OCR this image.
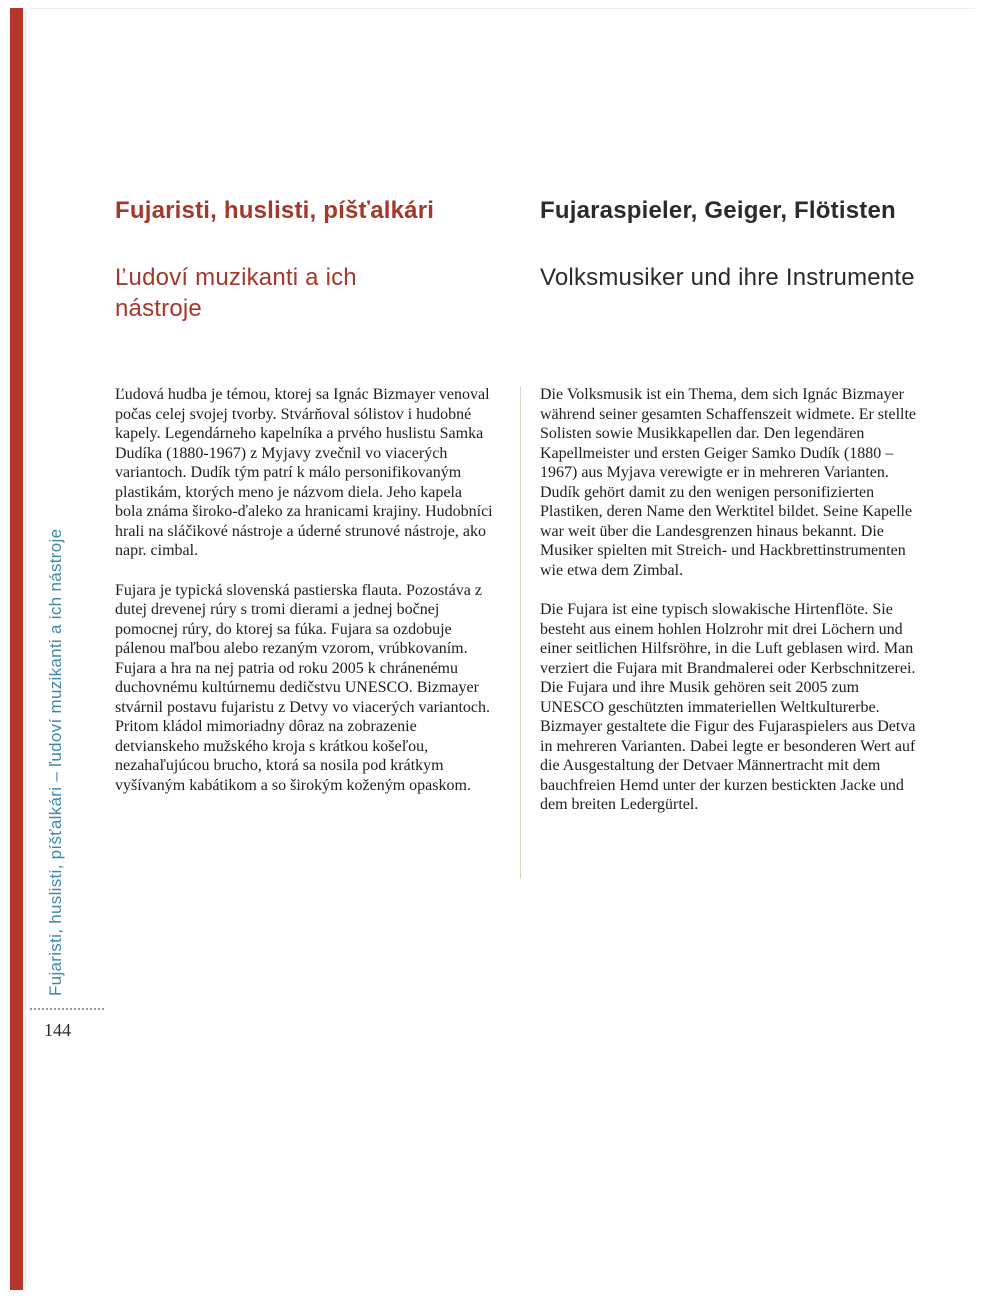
Fujaristi, huslisti, píšťalkári – ľudoví muzikanti a ich nástroje
144
Fujaristi, huslisti, píšťalkári
Ľudoví muzikanti a ich nástroje

Ľudová hudba je témou, ktorej sa Ignác Bizmayer venoval počas celej svojej tvorby. Stvárňoval sólistov i hudobné kapely. Legendárneho kapelníka a prvého huslistu Samka Dudíka (1880-1967) z Myjavy zvečnil vo viacerých variantoch. Dudík tým patrí k málo personifikovaným plastikám, ktorých meno je názvom diela. Jeho kapela bola známa široko-ďaleko za hranicami krajiny. Hudobníci hrali na sláčikové nástroje a úderné strunové nástroje, ako napr. cimbal.

Fujara je typická slovenská pastierska flauta. Pozostáva z dutej drevenej rúry s tromi dierami a jednej bočnej pomocnej rúry, do ktorej sa fúka. Fujara sa ozdobuje pálenou maľbou alebo rezaným vzorom, vrúbkovaním. Fujara a hra na nej patria od roku 2005 k chránenému duchovnému kultúrnemu dedičstvu UNESCO. Bizmayer stvárnil postavu fujaristu z Detvy vo viacerých variantoch. Pritom kládol mimoriadny dôraz na zobrazenie detvianskeho mužského kroja s krátkou košeľou, nezahaľujúcou brucho, ktorá sa nosila pod krátkym vyšívaným kabátikom a so širokým koženým opaskom.

Fujaraspieler, Geiger, Flötisten
Volksmusiker und ihre Instrumente

Die Volksmusik ist ein Thema, dem sich Ignác Bizmayer während seiner gesamten Schaffenszeit widmete. Er stellte Solisten sowie Musikkapellen dar. Den legendären Kapellmeister und ersten Geiger Samko Dudík (1880 – 1967) aus Myjava verewigte er in mehreren Varianten. Dudík gehört damit zu den wenigen personifizierten Plastiken, deren Name den Werktitel bildet. Seine Kapelle war weit über die Landesgrenzen hinaus bekannt. Die Musiker spielten mit Streich- und Hackbrettinstrumenten wie etwa dem Zimbal.

Die Fujara ist eine typisch slowakische Hirtenflöte. Sie besteht aus einem hohlen Holzrohr mit drei Löchern und einer seitlichen Hilfsröhre, in die Luft geblasen wird. Man verziert die Fujara mit Brandmalerei oder Kerbschnitzerei. Die Fujara und ihre Musik gehören seit 2005 zum UNESCO geschützten immateriellen Weltkulturerbe. Bizmayer gestaltete die Figur des Fujaraspielers aus Detva in mehreren Varianten. Dabei legte er besonderen Wert auf die Ausgestaltung der Detvaer Männertracht mit dem bauchfreien Hemd unter der kurzen bestickten Jacke und dem breiten Ledergürtel.
